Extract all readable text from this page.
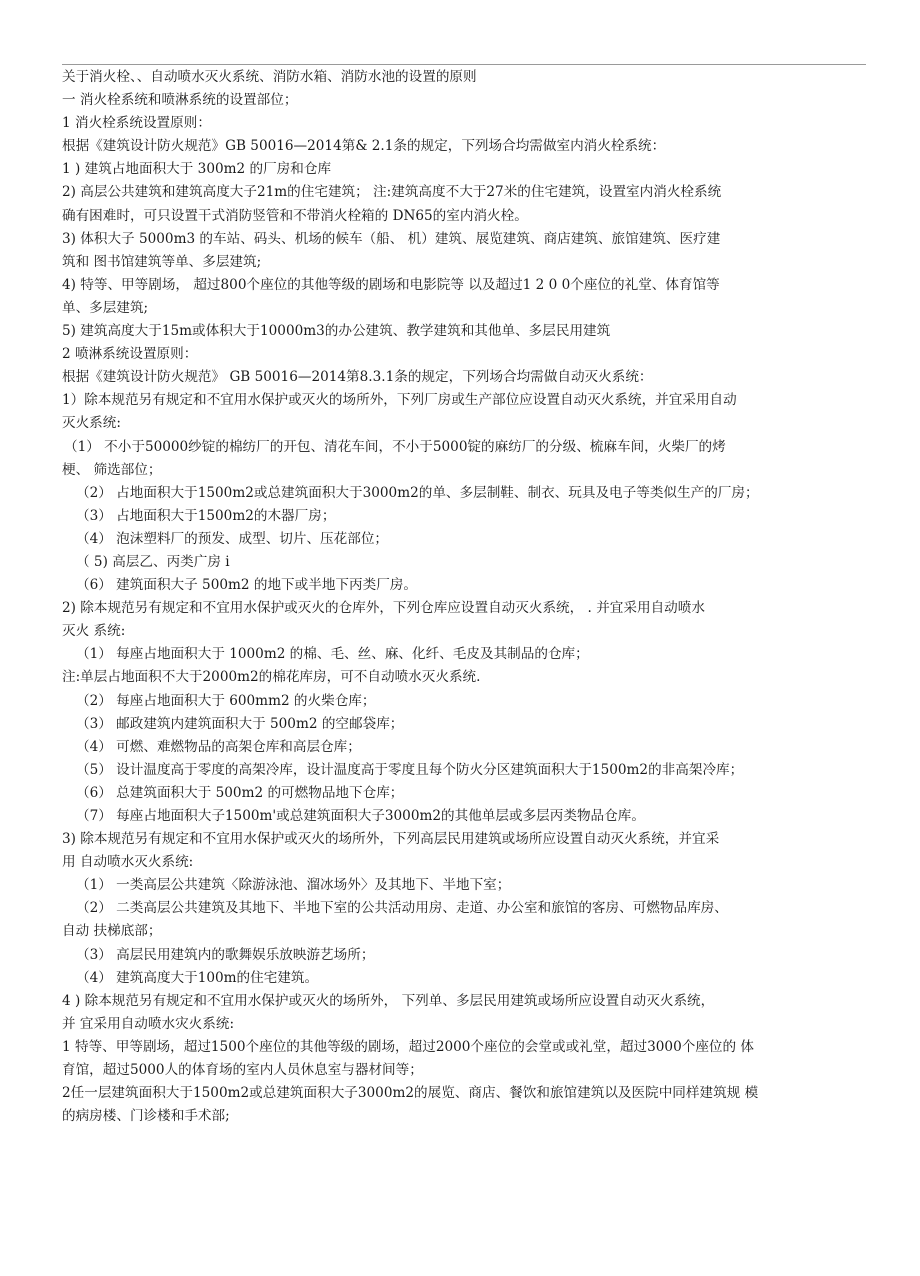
关于消火栓、、自动喷水灭火系统、消防水箱、消防水池的设置的原则
一 消火栓系统和喷淋系统的设置部位；
1 消火栓系统设置原则：
根据《建筑设计防火规范》GB 50016—2014第& 2.1条的规定，下列场合均需做室内消火栓系统：
1 ) 建筑占地面积大于 300m2 的厂房和仓库
2) 高层公共建筑和建筑高度大子21m的住宅建筑； 注:建筑高度不大于27米的住宅建筑，设置室内消火栓系统
确有困难时，可只设置干式消防竖管和不带消火栓箱的 DN65的室内消火栓。
3) 体积大子 5000m3 的车站、码头、机场的候车（船、 机）建筑、展览建筑、商店建筑、旅馆建筑、医疗建
筑和 图书馆建筑等单、多层建筑;
4) 特等、甲等剧场， 超过800个座位的其他等级的剧场和电影院等 以及超过1 2 0 0个座位的礼堂、体育馆等
单、多层建筑;
5) 建筑高度大于15m或体积大于10000m3的办公建筑、教学建筑和其他单、多层民用建筑
2 喷淋系统设置原则：
根据《建筑设计防火规范》 GB 50016—2014第8.3.1条的规定，下列场合均需做自动灭火系统：
1）除本规范另有规定和不宜用水保护或灭火的场所外，下列厂房或生产部位应设置自动灭火系统，并宜采用自动
灭火系统:
（1） 不小于50000纱锭的棉纺厂的开包、清花车间，不小于5000锭的麻纺厂的分级、梳麻车间，火柴厂的烤
梗、 筛选部位；
（2） 占地面积大于1500m2或总建筑面积大于3000m2的单、多层制鞋、制衣、玩具及电子等类似生产的厂房；
（3） 占地面积大于1500m2的木器厂房；
（4） 泡沫塑料厂的预发、成型、切片、压花部位；
（ 5) 高层乙、丙类广房 i
（6） 建筑面积大子 500m2 的地下或半地下丙类厂房。
2) 除本规范另有规定和不宜用水保护或灭火的仓库外，下列仓库应设置自动灭火系统， . 并宜采用自动喷水
灭火 系统:
（1） 每座占地面积大于 1000m2 的棉、毛、丝、麻、化纤、毛皮及其制品的仓库；
注:单层占地面积不大于2000m2的棉花库房，可不自动喷水灭火系统.
（2） 每座占地面积大于 600mm2 的火柴仓库；
（3） 邮政建筑内建筑面积大于 500m2 的空邮袋库；
（4） 可燃、难燃物品的高架仓库和高层仓库；
（5） 设计温度高于零度的高架冷库，设计温度高于零度且每个防火分区建筑面积大于1500m2的非高架冷库；
（6） 总建筑面积大于 500m2 的可燃物品地下仓库；
（7） 每座占地面积大子1500m'或总建筑面积大子3000m2的其他单层或多层丙类物品仓库。
3) 除本规范另有规定和不宜用水保护或灭火的场所外，下列高层民用建筑或场所应设置自动灭火系统，并宜采
用 自动喷水灭火系统:
（1） 一类高层公共建筑〈除游泳池、溜冰场外〉及其地下、半地下室；
（2） 二类高层公共建筑及其地下、半地下室的公共活动用房、走道、办公室和旅馆的客房、可燃物品库房、
自动 扶梯底部；
（3） 高层民用建筑内的歌舞娱乐放映游艺场所；
（4） 建筑高度大于100m的住宅建筑。
4 ) 除本规范另有规定和不宜用水保护或灭火的场所外， 下列单、多层民用建筑或场所应设置自动灭火系统，
并 宜采用自动喷水灾火系统:
1 特等、甲等剧场，超过1500个座位的其他等级的剧场，超过2000个座位的会堂或或礼堂，超过3000个座位的 体
育馆，超过5000人的体育场的室内人员休息室与器材间等；
2任一层建筑面积大于1500m2或总建筑面积大子3000m2的展览、商店、餐饮和旅馆建筑以及医院中同样建筑规 模
的病房楼、门诊楼和手术部;
